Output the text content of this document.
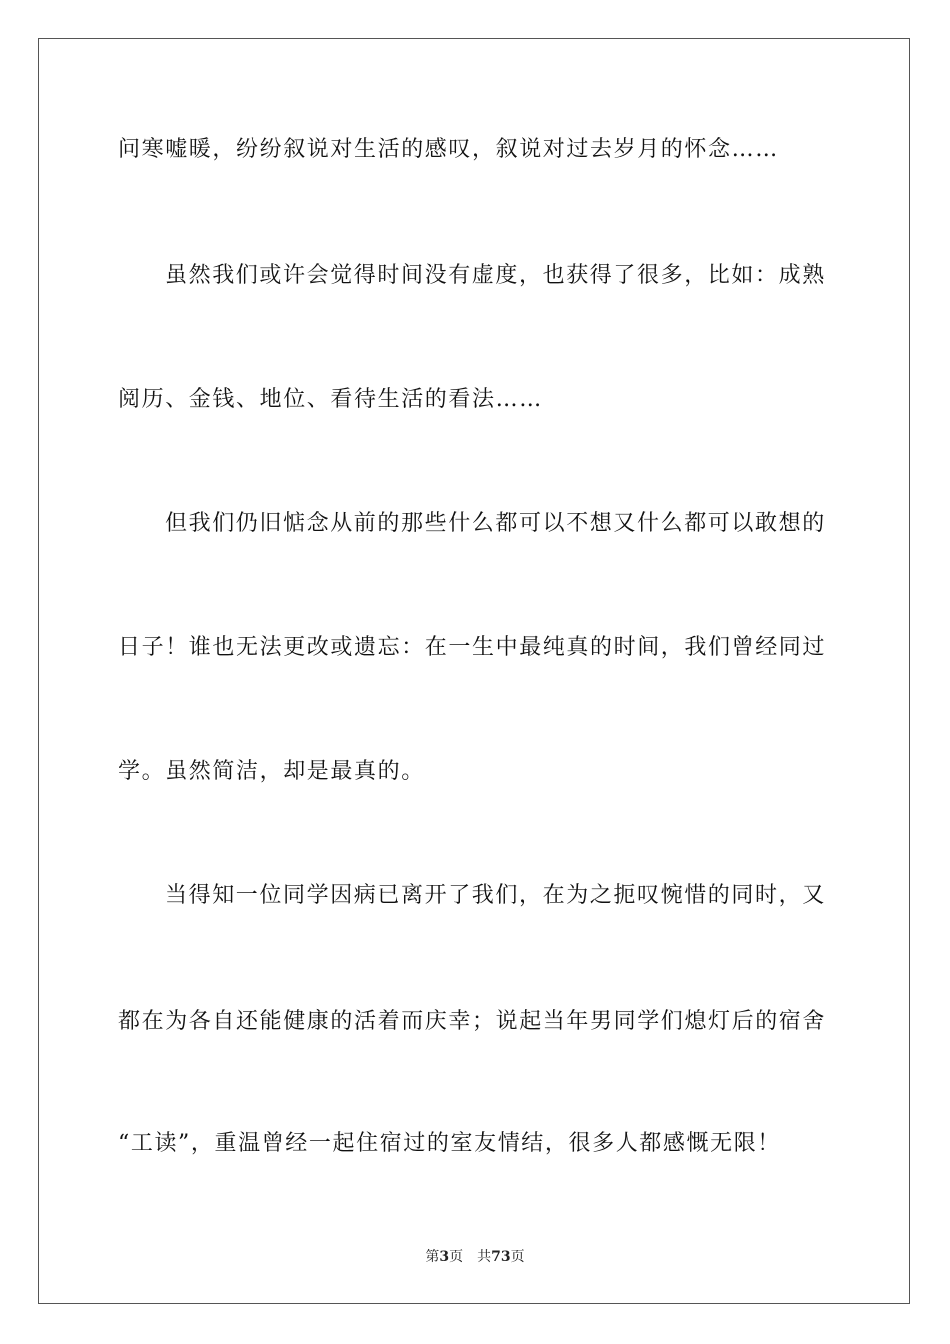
问寒嘘暖，纷纷叙说对生活的感叹，叙说对过去岁月的怀念……
虽然我们或许会觉得时间没有虚度，也获得了很多，比如：成熟
阅历、金钱、地位、看待生活的看法……
但我们仍旧惦念从前的那些什么都可以不想又什么都可以敢想的
日子！谁也无法更改或遗忘：在一生中最纯真的时间，我们曾经同过
学。虽然简洁，却是最真的。
当得知一位同学因病已离开了我们，在为之扼叹惋惜的同时，又
都在为各自还能健康的活着而庆幸；说起当年男同学们熄灯后的宿舍
“工读”，重温曾经一起住宿过的室友情结，很多人都感慨无限！
第3页 共73页
